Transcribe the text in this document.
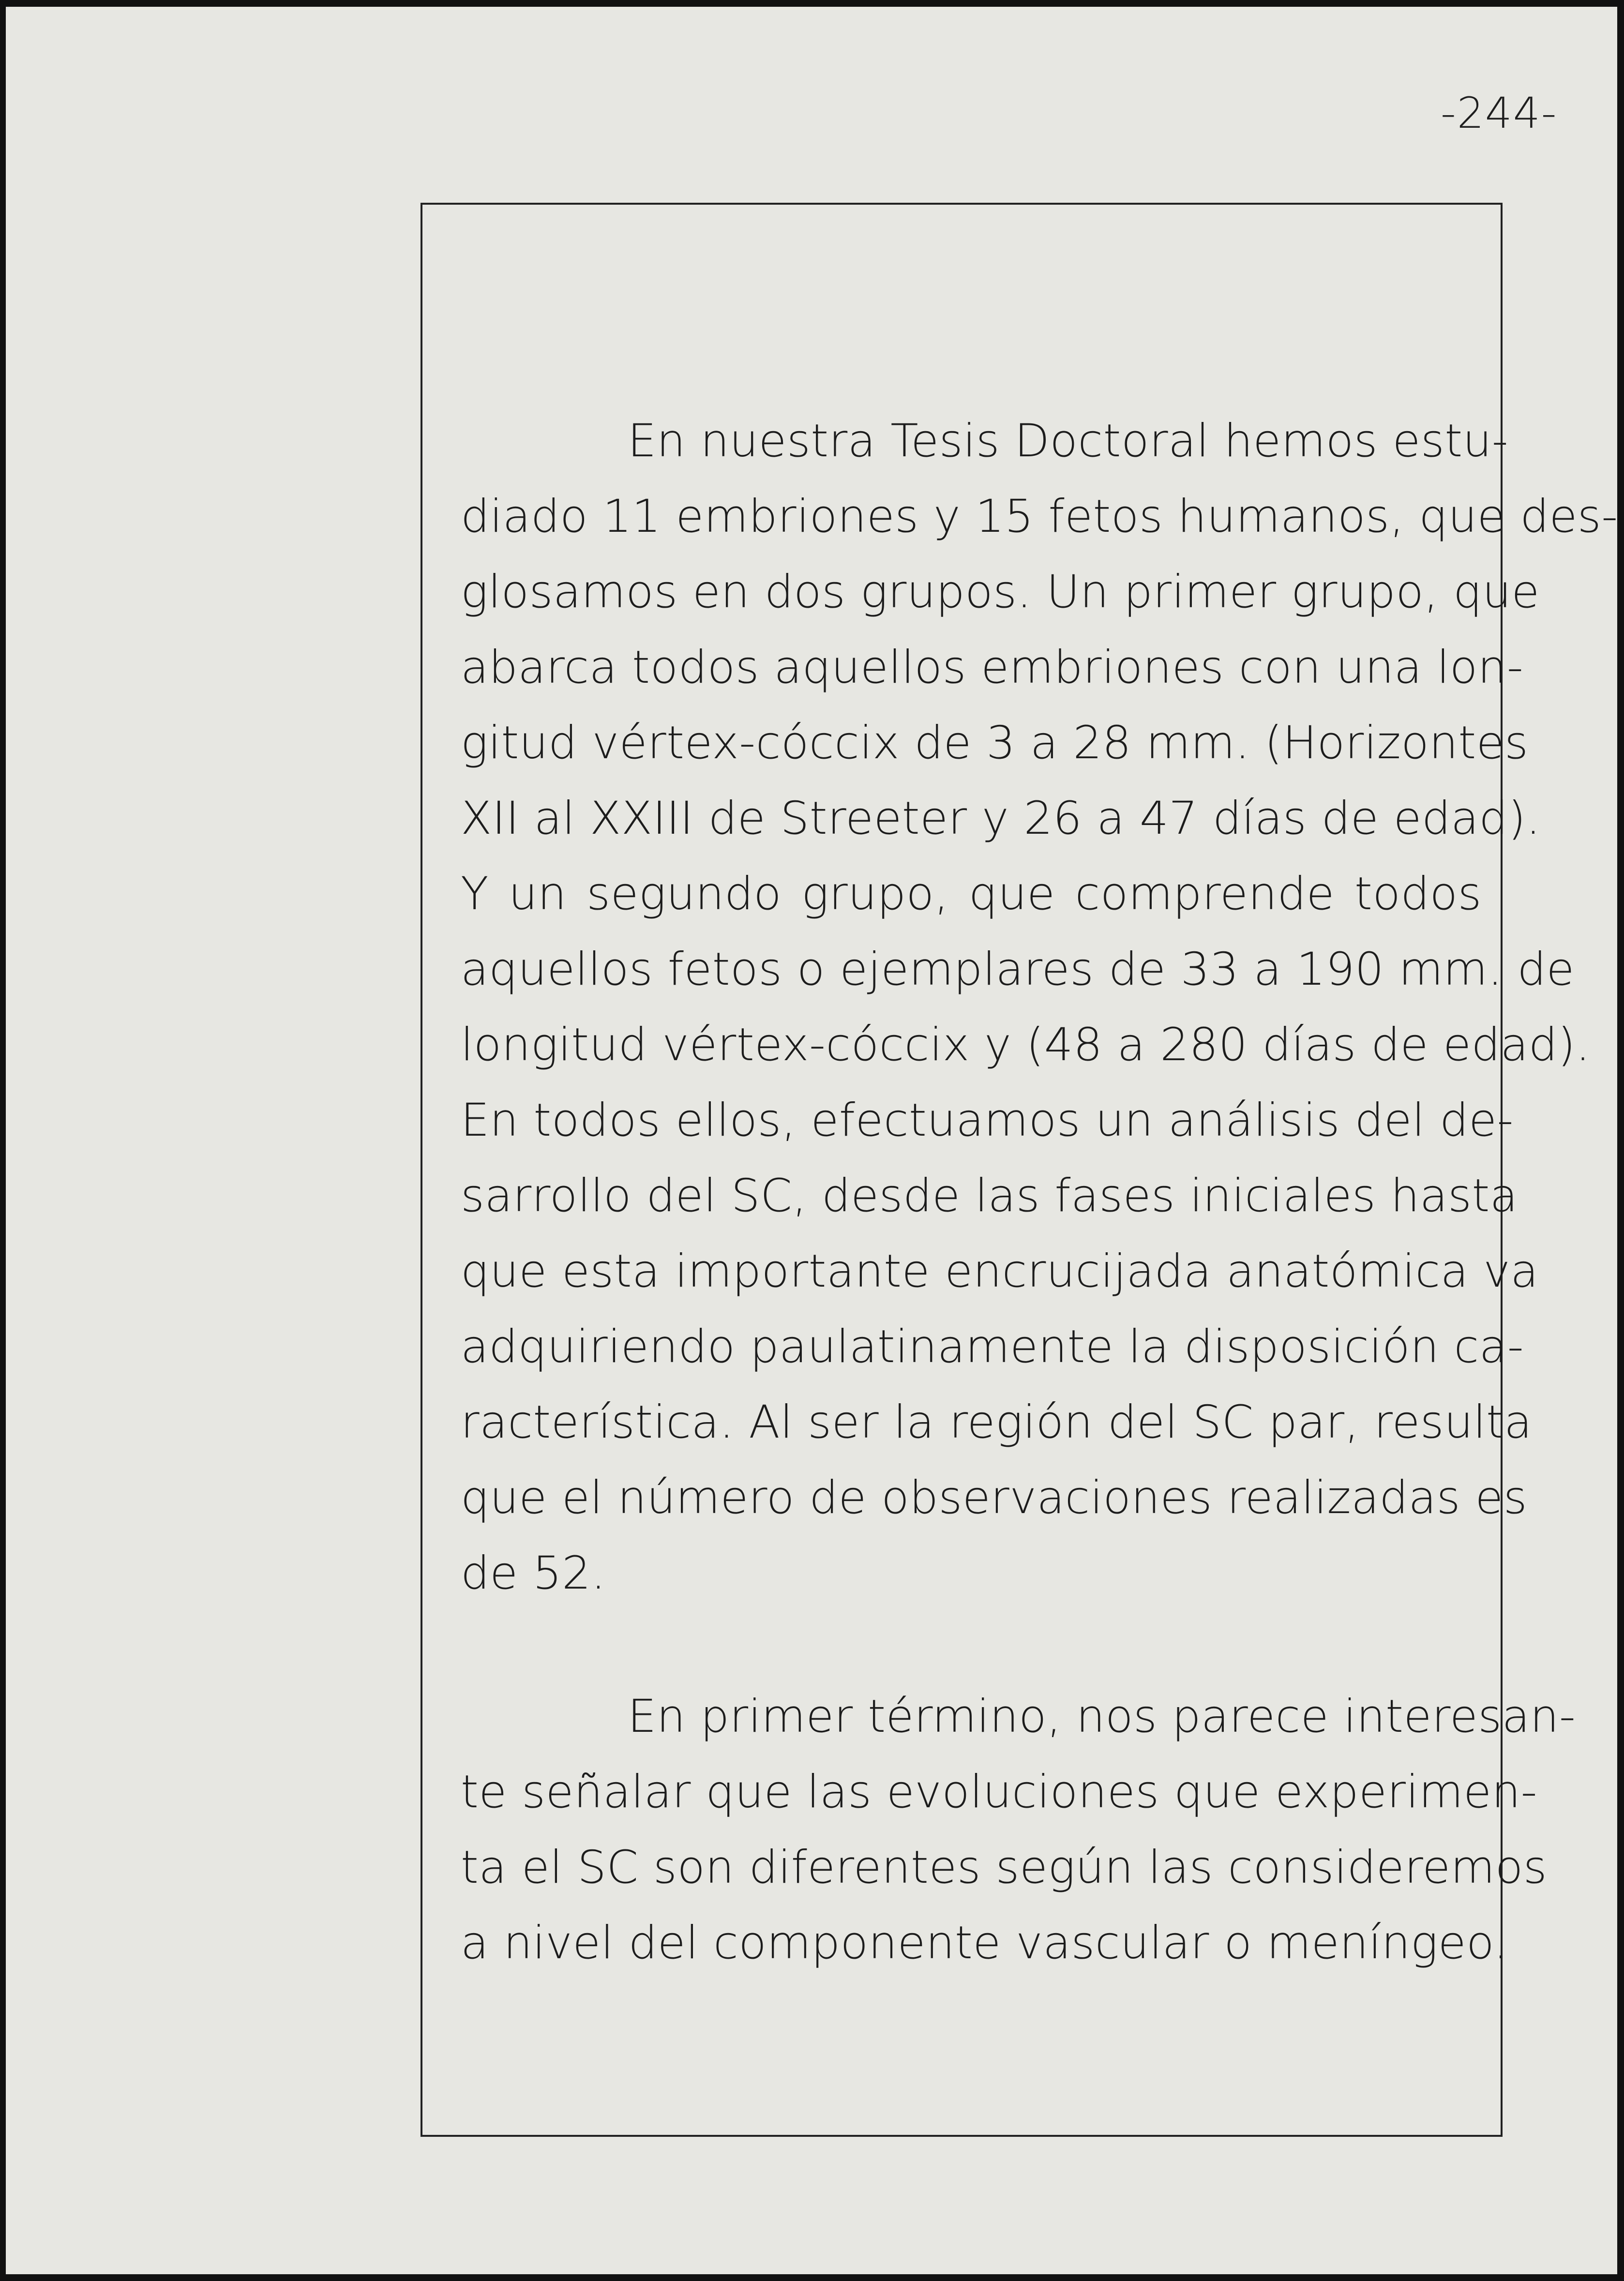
-244-

En nuestra Tesis Doctoral hemos estu-
diado 11 embriones y 15 fetos humanos, que des-
glosamos en dos grupos. Un primer grupo, que
abarca todos aquellos embriones con una lon-
gitud vértex-cóccix de 3 a 28 mm. (Horizontes
XII al XXIII de Streeter y 26 a 47 días de edad).
Y un segundo grupo, que comprende todos
aquellos fetos o ejemplares de 33 a 190 mm. de
longitud vértex-cóccix y (48 a 280 días de edad).
En todos ellos, efectuamos un análisis del de-
sarrollo del SC, desde las fases iniciales hasta
que esta importante encrucijada anatómica va
adquiriendo paulatinamente la disposición ca-
racterística. Al ser la región del SC par, resulta
que el número de observaciones realizadas es
de 52.

En primer término, nos parece interesan-
te señalar que las evoluciones que experimen-
ta el SC son diferentes según las consideremos
a nivel del componente vascular o meníngeo.
